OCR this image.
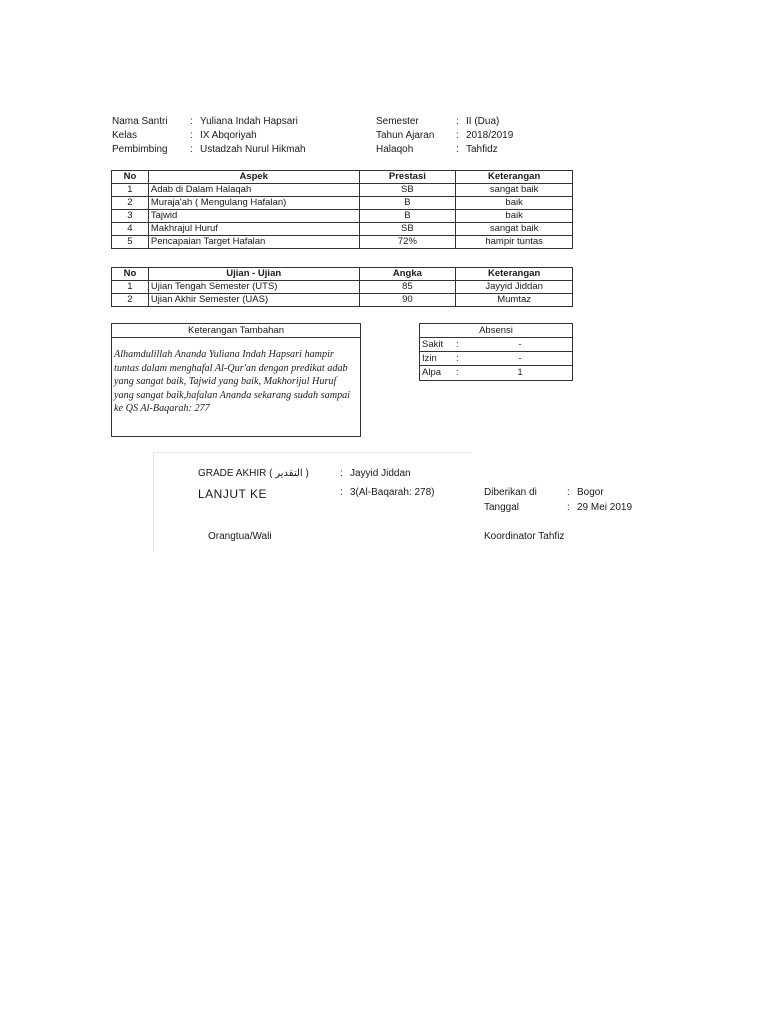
Nama Santri : Yuliana Indah Hapsari
Kelas	: IX Abqoriyah
Pembimbing : Ustadzah Nurul Hikmah
Semester	: II (Dua)
Tahun Ajaran : 2018/2019
Halaqoh	: Tahfidz
No	Aspek	Prestasi	Keterangan
1	Adab di Dalam Halaqah	SB	sangat baik
2	Muraja'ah ( Mengulang Hafalan)	B	baik
3	Tajwid	B	baik
4	Makhrajul Huruf	SB	sangat baik
5	Pencapaian Target Hafalan	72%	hampir tuntas
No	Ujian - Ujian	Angka	Keterangan
1	Ujian Tengah Semester (UTS)	85	Jayyid Jiddan
2	Ujian Akhir Semester (UAS)	90	Mumtaz
Keterangan Tambahan
Alhamdulillah Ananda Yuliana Indah Hapsari hampir tuntas dalam menghafal Al-Qur'an dengan predikat adab yang sangat baik, Tajwid yang baik, Makhorijul Huruf yang sangat baik,hafalan Ananda sekarang sudah sampai ke QS Al-Baqarah: 277
Absensi
Sakit	:	-
Izin	:	-
Alpa	:	1
GRADE AKHIR ( التقدير )	: Jayyid Jiddan
LANJUT KE	: 3(Al-Baqarah: 278)	Diberikan di	: Bogor
Tanggal	: 29 Mei 2019
Orangtua/Wali	Koordinator Tahfiz
